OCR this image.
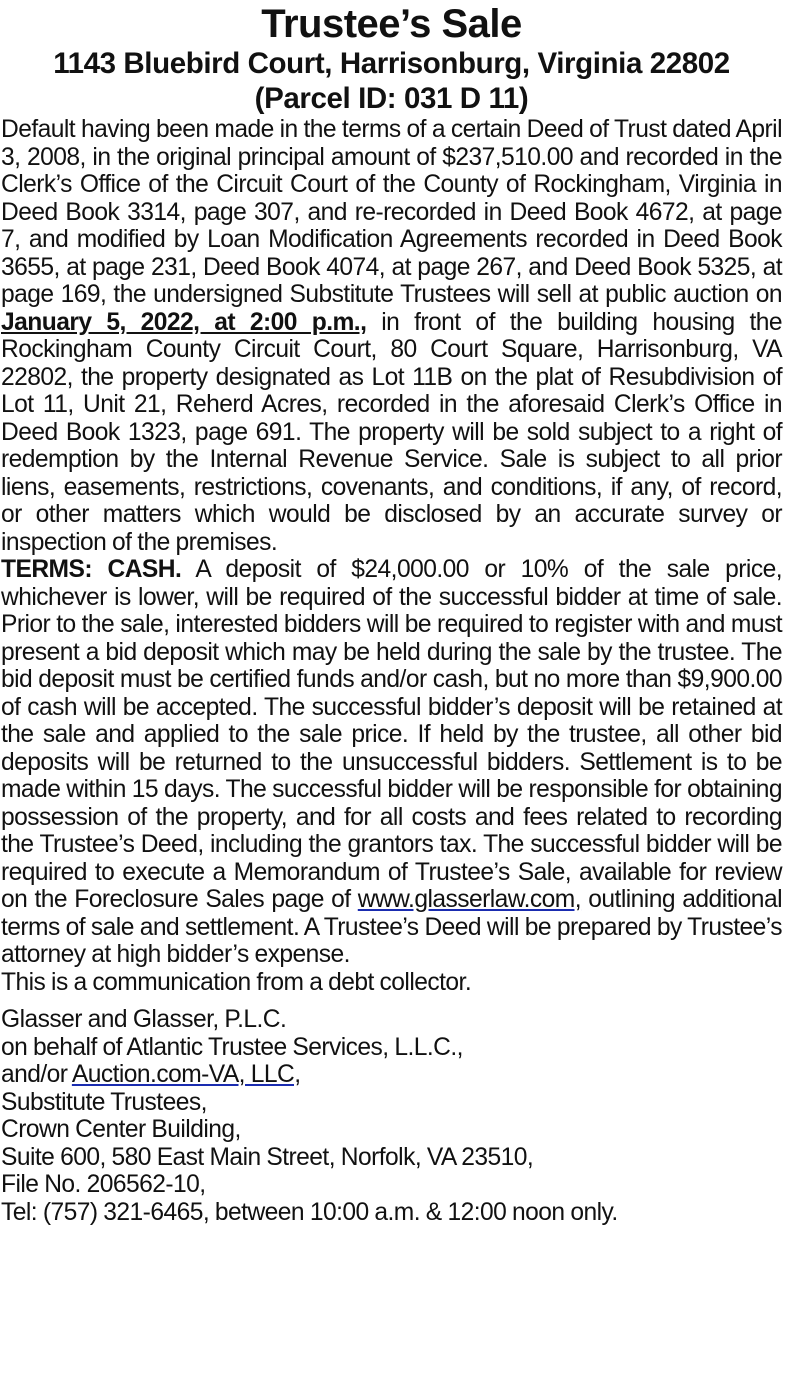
Trustee’s Sale
1143 Bluebird Court, Harrisonburg, Virginia 22802
(Parcel ID: 031 D 11)

Default having been made in the terms of a certain Deed of Trust dated April 3, 2008, in the original principal amount of $237,510.00 and recorded in the Clerk’s Office of the Circuit Court of the County of Rockingham, Virginia in Deed Book 3314, page 307, and re-recorded in Deed Book 4672, at page 7, and modified by Loan Modification Agreements recorded in Deed Book 3655, at page 231, Deed Book 4074, at page 267, and Deed Book 5325, at page 169, the undersigned Substitute Trustees will sell at public auction on January 5, 2022, at 2:00 p.m., in front of the building housing the Rockingham County Circuit Court, 80 Court Square, Harrisonburg, VA 22802, the property designated as Lot 11B on the plat of Resubdivision of Lot 11, Unit 21, Reherd Acres, recorded in the aforesaid Clerk’s Office in Deed Book 1323, page 691. The property will be sold subject to a right of redemption by the Internal Revenue Service. Sale is subject to all prior liens, easements, restrictions, covenants, and conditions, if any, of record, or other matters which would be disclosed by an accurate survey or inspection of the premises.

TERMS: CASH. A deposit of $24,000.00 or 10% of the sale price, whichever is lower, will be required of the successful bidder at time of sale. Prior to the sale, interested bidders will be required to register with and must present a bid deposit which may be held during the sale by the trustee. The bid deposit must be certified funds and/or cash, but no more than $9,900.00 of cash will be accepted. The successful bidder’s deposit will be retained at the sale and applied to the sale price. If held by the trustee, all other bid deposits will be returned to the unsuccessful bidders. Settlement is to be made within 15 days. The successful bidder will be responsible for obtaining possession of the property, and for all costs and fees related to recording the Trustee’s Deed, including the grantors tax. The successful bidder will be required to execute a Memorandum of Trustee’s Sale, available for review on the Foreclosure Sales page of www.glasserlaw.com, outlining additional terms of sale and settlement. A Trustee’s Deed will be prepared by Trustee’s attorney at high bidder’s expense.

This is a communication from a debt collector.

Glasser and Glasser, P.L.C.
on behalf of Atlantic Trustee Services, L.L.C.,
and/or Auction.com-VA, LLC,
Substitute Trustees,
Crown Center Building,
Suite 600, 580 East Main Street, Norfolk, VA 23510,
File No. 206562-10,
Tel: (757) 321-6465, between 10:00 a.m. & 12:00 noon only.
